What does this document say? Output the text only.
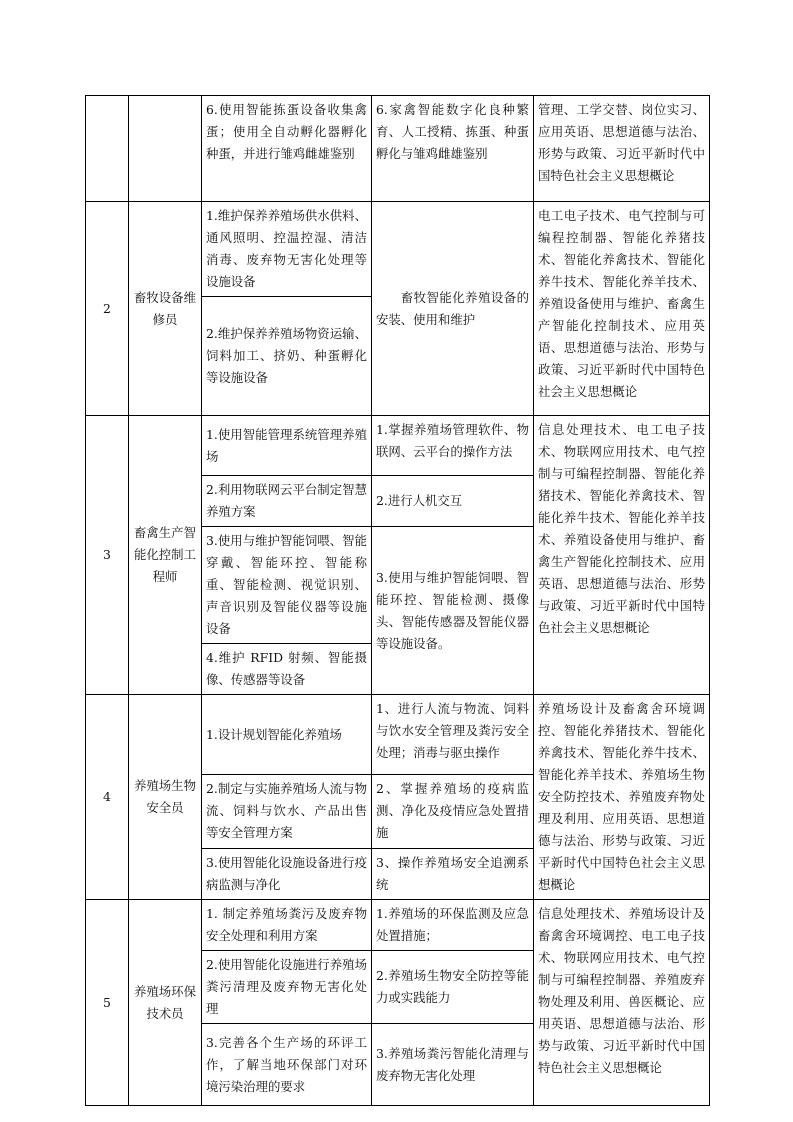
		6.使用智能拣蛋设备收集禽蛋；使用全自动孵化器孵化种蛋，并进行雏鸡雌雄鉴别	6.家禽智能数字化良种繁育、人工授精、拣蛋、种蛋孵化与雏鸡雌雄鉴别	管理、工学交替、岗位实习、应用英语、思想道德与法治、形势与政策、习近平新时代中国特色社会主义思想概论
2	畜牧设备维修员	1.维护保养养殖场供水供料、通风照明、控温控湿、清洁消毒、废弃物无害化处理等设施设备	畜牧智能化养殖设备的安装、使用和维护	电工电子技术、电气控制与可编程控制器、智能化养猪技术、智能化养禽技术、智能化养牛技术、智能化养羊技术、养殖设备使用与维护、畜禽生产智能化控制技术、应用英语、思想道德与法治、形势与政策、习近平新时代中国特色社会主义思想概论
		2.维护保养养殖场物资运输、饲料加工、挤奶、种蛋孵化等设施设备		
3	畜禽生产智能化控制工程师	1.使用智能管理系统管理养殖场	1.掌握养殖场管理软件、物联网、云平台的操作方法	信息处理技术、电工电子技术、物联网应用技术、电气控制与可编程控制器、智能化养猪技术、智能化养禽技术、智能化养牛技术、智能化养羊技术、养殖设备使用与维护、畜禽生产智能化控制技术、应用英语、思想道德与法治、形势与政策、习近平新时代中国特色社会主义思想概论
		2.利用物联网云平台制定智慧养殖方案	2.进行人机交互	
		3.使用与维护智能饲喂、智能穿戴、智能环控、智能称重、智能检测、视觉识别、声音识别及智能仪器等设施设备	3.使用与维护智能饲喂、智能环控、智能检测、摄像头、智能传感器及智能仪器等设施设备。	
		4.维护 RFID 射频、智能摄像、传感器等设备		
4	养殖场生物安全员	1.设计规划智能化养殖场	1、进行人流与物流、饲料与饮水安全管理及粪污安全处理；消毒与驱虫操作	养殖场设计及畜禽舍环境调控、智能化养猪技术、智能化养禽技术、智能化养牛技术、智能化养羊技术、养殖场生物安全防控技术、养殖废弃物处理及利用、应用英语、思想道德与法治、形势与政策、习近平新时代中国特色社会主义思想概论
		2.制定与实施养殖场人流与物流、饲料与饮水、产品出售等安全管理方案	2、掌握养殖场的疫病监测、净化及疫情应急处置措施	
		3.使用智能化设施设备进行疫病监测与净化	3、操作养殖场安全追溯系统	
5	养殖场环保技术员	1. 制定养殖场粪污及废弃物安全处理和利用方案	1.养殖场的环保监测及应急处置措施；	信息处理技术、养殖场设计及畜禽舍环境调控、电工电子技术、物联网应用技术、电气控制与可编程控制器、养殖废弃物处理及利用、兽医概论、应用英语、思想道德与法治、形势与政策、习近平新时代中国特色社会主义思想概论
		2.使用智能化设施进行养殖场粪污清理及废弃物无害化处理	2.养殖场生物安全防控等能力或实践能力	
		3.完善各个生产场的环评工作，了解当地环保部门对环境污染治理的要求	3.养殖场粪污智能化清理与废弃物无害化处理	
